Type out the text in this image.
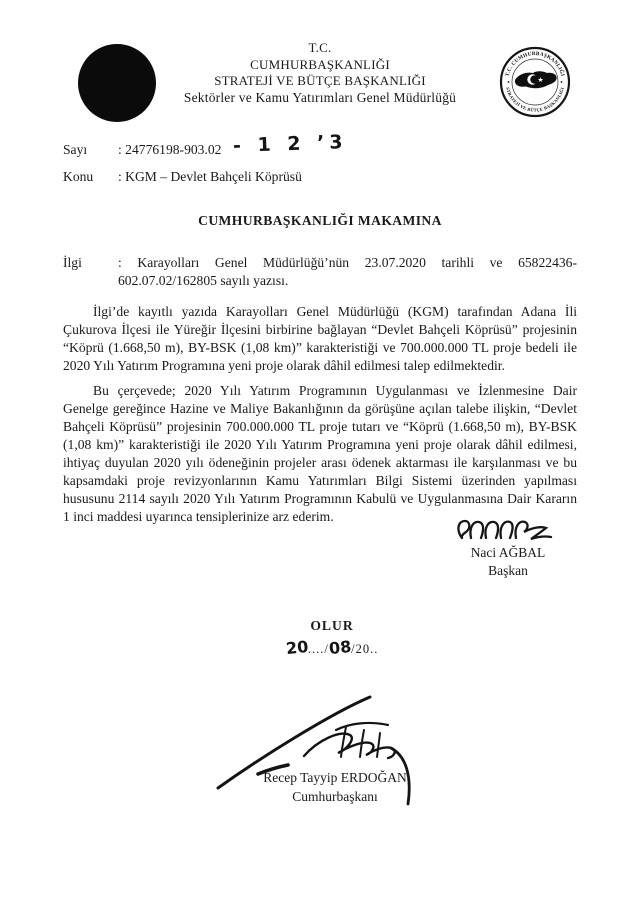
T.C.
CUMHURBAŞKANLIĞI
STRATEJİ VE BÜTÇE BAŞKANLIĞI
Sektörler ve Kamu Yatırımları Genel Müdürlüğü
T.C. CUMHURBAŞKANLIĞI
STRATEJİ VE BÜTÇE BAŞKANLIĞI
Sayı	: 24776198-903.02 - 1 2 ’3
Konu	: KGM – Devlet Bahçeli Köprüsü
CUMHURBAŞKANLIĞI MAKAMINA
İlgi	: Karayolları Genel Müdürlüğü’nün 23.07.2020 tarihli ve 65822436-602.07.02/162805 sayılı yazısı.

İlgi’de kayıtlı yazıda Karayolları Genel Müdürlüğü (KGM) tarafından Adana İli Çukurova İlçesi ile Yüreğir İlçesini birbirine bağlayan “Devlet Bahçeli Köprüsü” projesinin “Köprü (1.668,50 m), BY-BSK (1,08 km)” karakteristiği ve 700.000.000 TL proje bedeli ile 2020 Yılı Yatırım Programına yeni proje olarak dâhil edilmesi talep edilmektedir.

Bu çerçevede; 2020 Yılı Yatırım Programının Uygulanması ve İzlenmesine Dair Genelge gereğince Hazine ve Maliye Bakanlığının da görüşüne açılan talebe ilişkin, “Devlet Bahçeli Köprüsü” projesinin 700.000.000 TL proje tutarı ve “Köprü (1.668,50 m), BY-BSK (1,08 km)” karakteristiği ile 2020 Yılı Yatırım Programına yeni proje olarak dâhil edilmesi, ihtiyaç duyulan 2020 yılı ödeneğinin projeler arası ödenek aktarması ile karşılanması ve bu kapsamdaki proje revizyonlarının Kamu Yatırımları Bilgi Sistemi üzerinden yapılması hususunu 2114 sayılı 2020 Yılı Yatırım Programının Kabulü ve Uygulanmasına Dair Kararın 1 inci maddesi uyarınca tensiplerinize arz ederim.

Naci AĞBAL
Başkan
OLUR
20..../08/20..
Recep Tayyip ERDOĞAN
Cumhurbaşkanı
